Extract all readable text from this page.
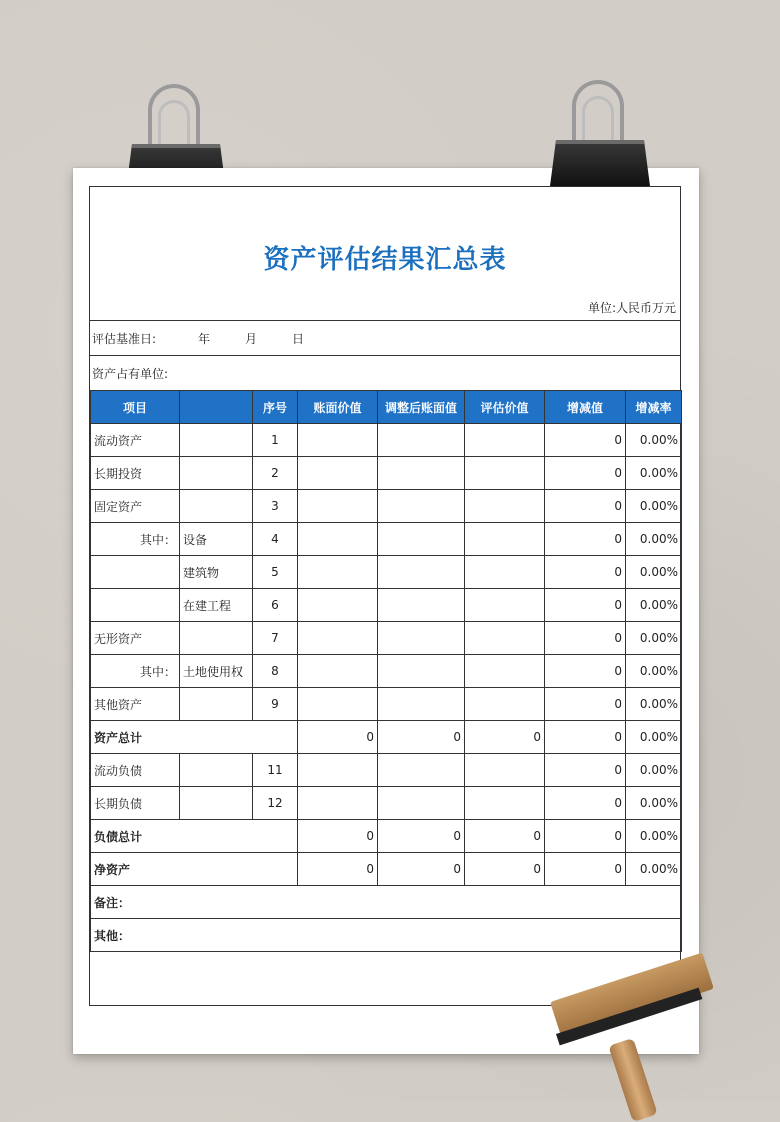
资产评估结果汇总表
单位:人民币万元
评估基准日:	年	月	日
资产占有单位:
项目		序号	账面价值	调整后账面值	评估价值	增减值	增减率
流动资产		1				0	0.00%
长期投资		2				0	0.00%
固定资产		3				0	0.00%
其中：	设备	4				0	0.00%
	建筑物	5				0	0.00%
	在建工程	6				0	0.00%
无形资产		7				0	0.00%
其中：	土地使用权	8				0	0.00%
其他资产		9				0	0.00%
资产总计			0	0	0	0	0.00%
流动负债		11				0	0.00%
长期负债		12				0	0.00%
负债总计			0	0	0	0	0.00%
净资产			0	0	0	0	0.00%
备注：							
其他：							
